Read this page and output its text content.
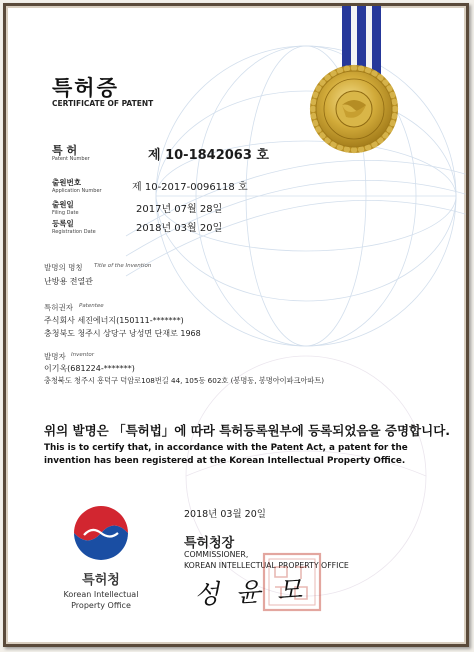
특허증
CERTIFICATE OF PATENT
특 허
Patent Number	제 10-1842063 호
출원번호
Application Number	제 10-2017-0096118 호
출원일
Filing Date	2017년 07월 28일
등록일
Registration Date	2018년 03월 20일
발명의 명칭 Title of the Invention
난방용 전열관
특허권자 Patentee
주식회사 세진에너지(150111-*******)
충청북도 청주시 상당구 낭성면 단재로 1968
발명자 Inventor
이기옥(681224-*******)
충청북도 청주시 흥덕구 덕암로108번길 44, 105동 602호 (봉명동, 봉명아이파크아파트)
위의 발명은 「특허법」에 따라 특허등록원부에 등록되었음을 증명합니다.
This is to certify that, in accordance with the Patent Act, a patent for the invention has been registered at the Korean Intellectual Property Office.
특허청
Korean Intellectual Property Office
2018년 03월 20일
특허청장
COMMISSIONER,
KOREAN INTELLECTUAL PROPERTY OFFICE
성 윤 모
